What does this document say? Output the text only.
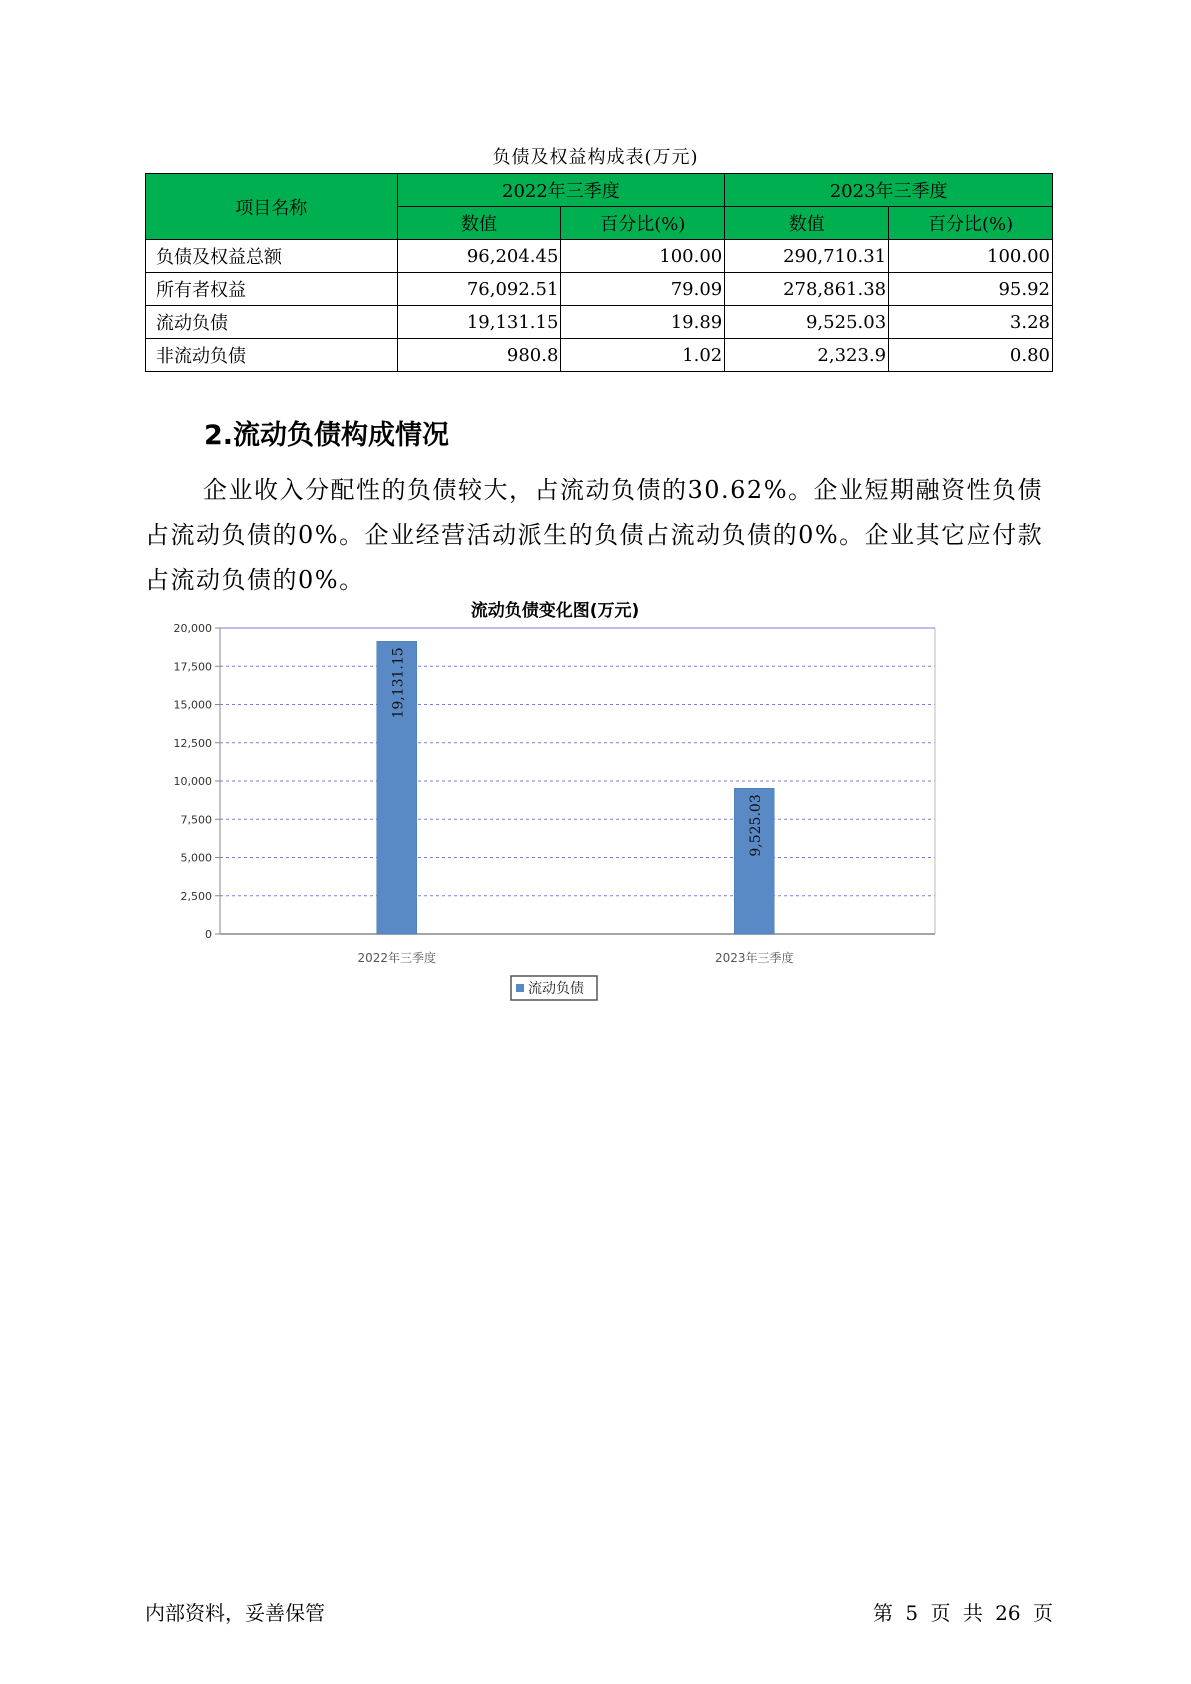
负债及权益构成表(万元)
项目名称	2022年三季度		2023年三季度	
	数值	百分比(%)	数值	百分比(%)
负债及权益总额	96,204.45	100.00	290,710.31	100.00
所有者权益	76,092.51	79.09	278,861.38	95.92
流动负债	19,131.15	19.89	9,525.03	3.28
非流动负债	980.8	1.02	2,323.9	0.80
2.流动负债构成情况
企业收入分配性的负债较大，占流动负债的30.62%。企业短期融资性负债占流动负债的0%。企业经营活动派生的负债占流动负债的0%。企业其它应付款占流动负债的0%。
流动负债变化图(万元)
0
2,500
5,000
7,500
10,000
12,500
15,000
17,500
20,000
19,131.15
2022年三季度
9,525.03
2023年三季度
流动负债
内部资料，妥善保管	第 5 页 共 26 页
